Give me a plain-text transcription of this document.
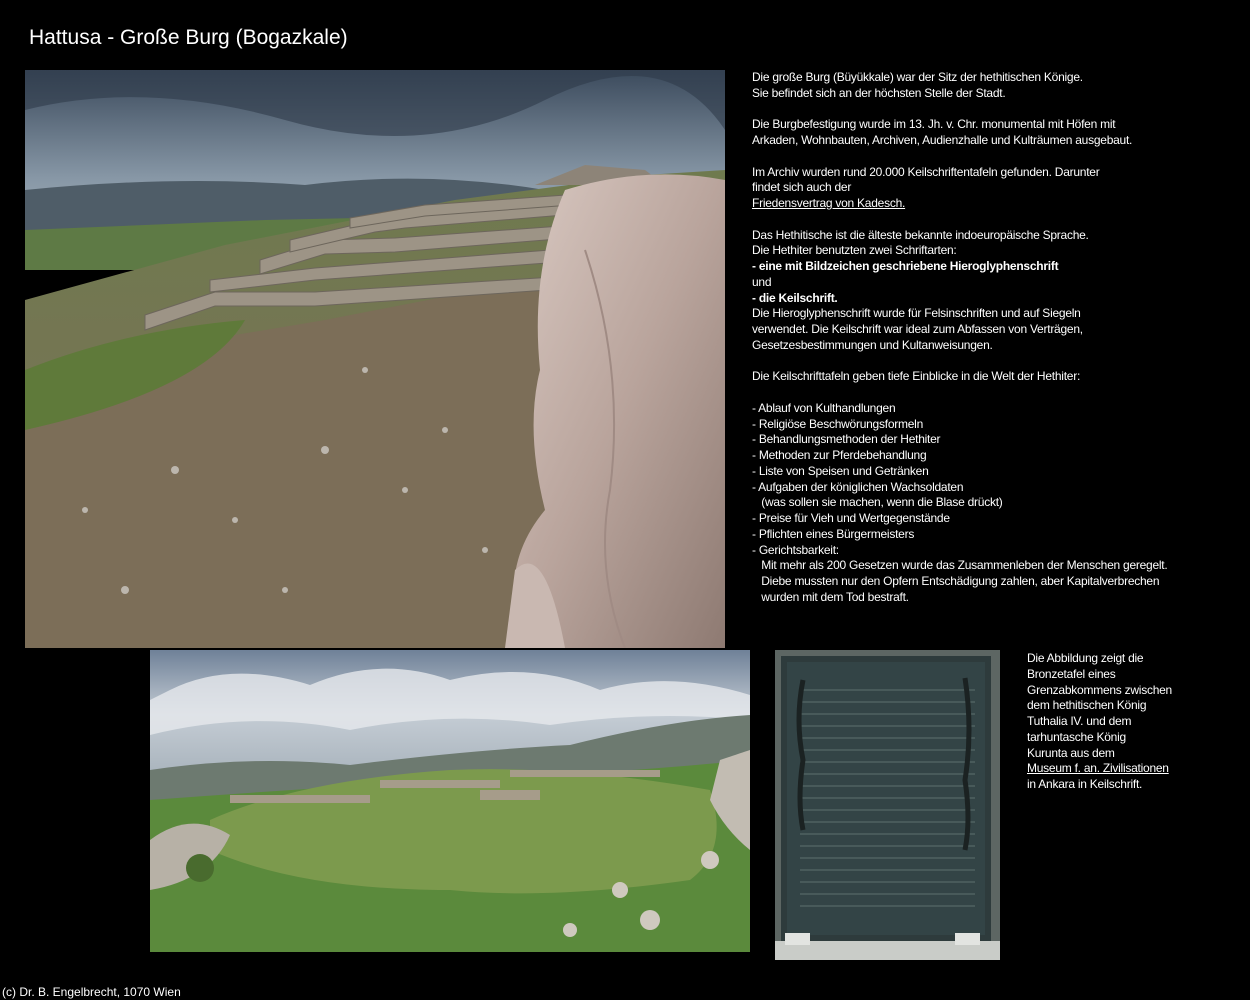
Hattusa - Große Burg (Bogazkale)

Die große Burg (Büyükkale) war der Sitz der hethitischen Könige.

Sie befindet sich an der höchsten Stelle der Stadt.

Die Burgbefestigung wurde im 13. Jh. v. Chr. monumental mit Höfen mit

Arkaden, Wohnbauten, Archiven, Audienzhalle und Kulträumen ausgebaut.

Im Archiv wurden rund 20.000 Keilschriftentafeln gefunden. Darunter

findet sich auch der

Friedensvertrag von Kadesch.

Das Hethitische ist die älteste bekannte indoeuropäische Sprache.

Die Hethiter benutzten zwei Schriftarten:

- eine mit Bildzeichen geschriebene Hieroglyphenschrift

und

- die Keilschrift.

Die Hieroglyphenschrift wurde für Felsinschriften und auf Siegeln

verwendet. Die Keilschrift war ideal zum Abfassen von Verträgen,

Gesetzesbestimmungen und Kultanweisungen.

Die Keilschrifttafeln geben tiefe Einblicke in die Welt der Hethiter:

- Ablauf von Kulthandlungen

- Religiöse Beschwörungsformeln

- Behandlungsmethoden der Hethiter

- Methoden zur Pferdebehandlung

- Liste von Speisen und Getränken

- Aufgaben der königlichen Wachsoldaten

(was sollen sie machen, wenn die Blase drückt)

- Preise für Vieh und Wertgegenstände

- Pflichten eines Bürgermeisters

- Gerichtsbarkeit:

Mit mehr als 200 Gesetzen wurde das Zusammenleben der Menschen geregelt.

Diebe mussten nur den Opfern Entschädigung zahlen, aber Kapitalverbrechen

wurden mit dem Tod bestraft.

Die Abbildung zeigt die

Bronzetafel eines

Grenzabkommens zwischen

dem hethitischen König

Tuthalia IV. und dem

tarhuntasche König

Kurunta aus dem

Museum f. an. Zivilisationen

in Ankara in Keilschrift.

(c) Dr. B. Engelbrecht, 1070 Wien
